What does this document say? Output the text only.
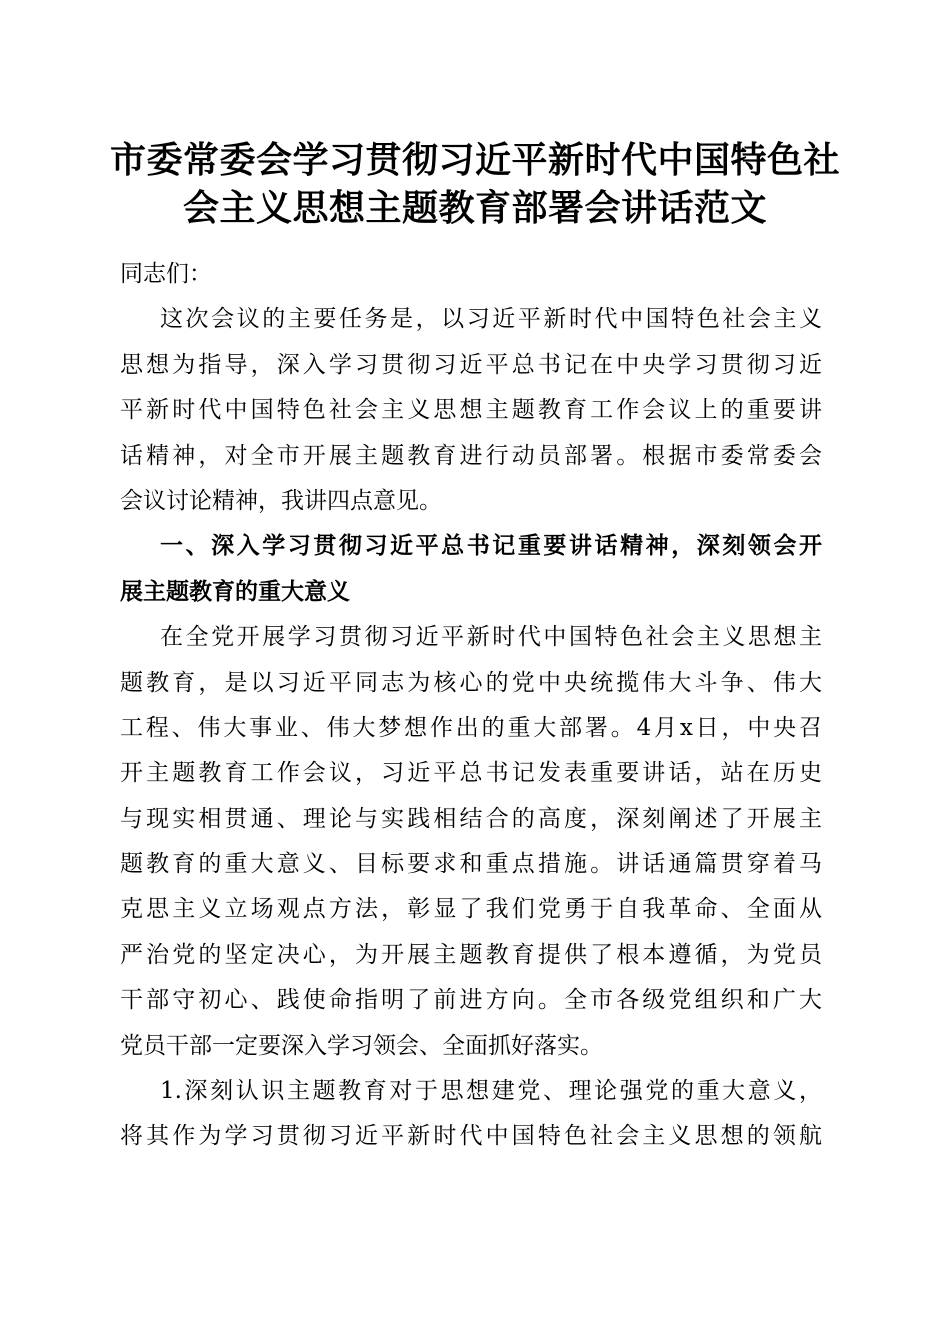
市委常委会学习贯彻习近平新时代中国特色社
会主义思想主题教育部署会讲话范文
同志们：
这次会议的主要任务是，以习近平新时代中国特色社会主义
思想为指导，深入学习贯彻习近平总书记在中央学习贯彻习近
平新时代中国特色社会主义思想主题教育工作会议上的重要讲
话精神，对全市开展主题教育进行动员部署。根据市委常委会
会议讨论精神，我讲四点意见。
一、深入学习贯彻习近平总书记重要讲话精神，深刻领会开
展主题教育的重大意义
在全党开展学习贯彻习近平新时代中国特色社会主义思想主
题教育，是以习近平同志为核心的党中央统揽伟大斗争、伟大
工程、伟大事业、伟大梦想作出的重大部署。4月x日，中央召
开主题教育工作会议，习近平总书记发表重要讲话，站在历史
与现实相贯通、理论与实践相结合的高度，深刻阐述了开展主
题教育的重大意义、目标要求和重点措施。讲话通篇贯穿着马
克思主义立场观点方法，彰显了我们党勇于自我革命、全面从
严治党的坚定决心，为开展主题教育提供了根本遵循，为党员
干部守初心、践使命指明了前进方向。全市各级党组织和广大
党员干部一定要深入学习领会、全面抓好落实。
1.深刻认识主题教育对于思想建党、理论强党的重大意义，
将其作为学习贯彻习近平新时代中国特色社会主义思想的领航
